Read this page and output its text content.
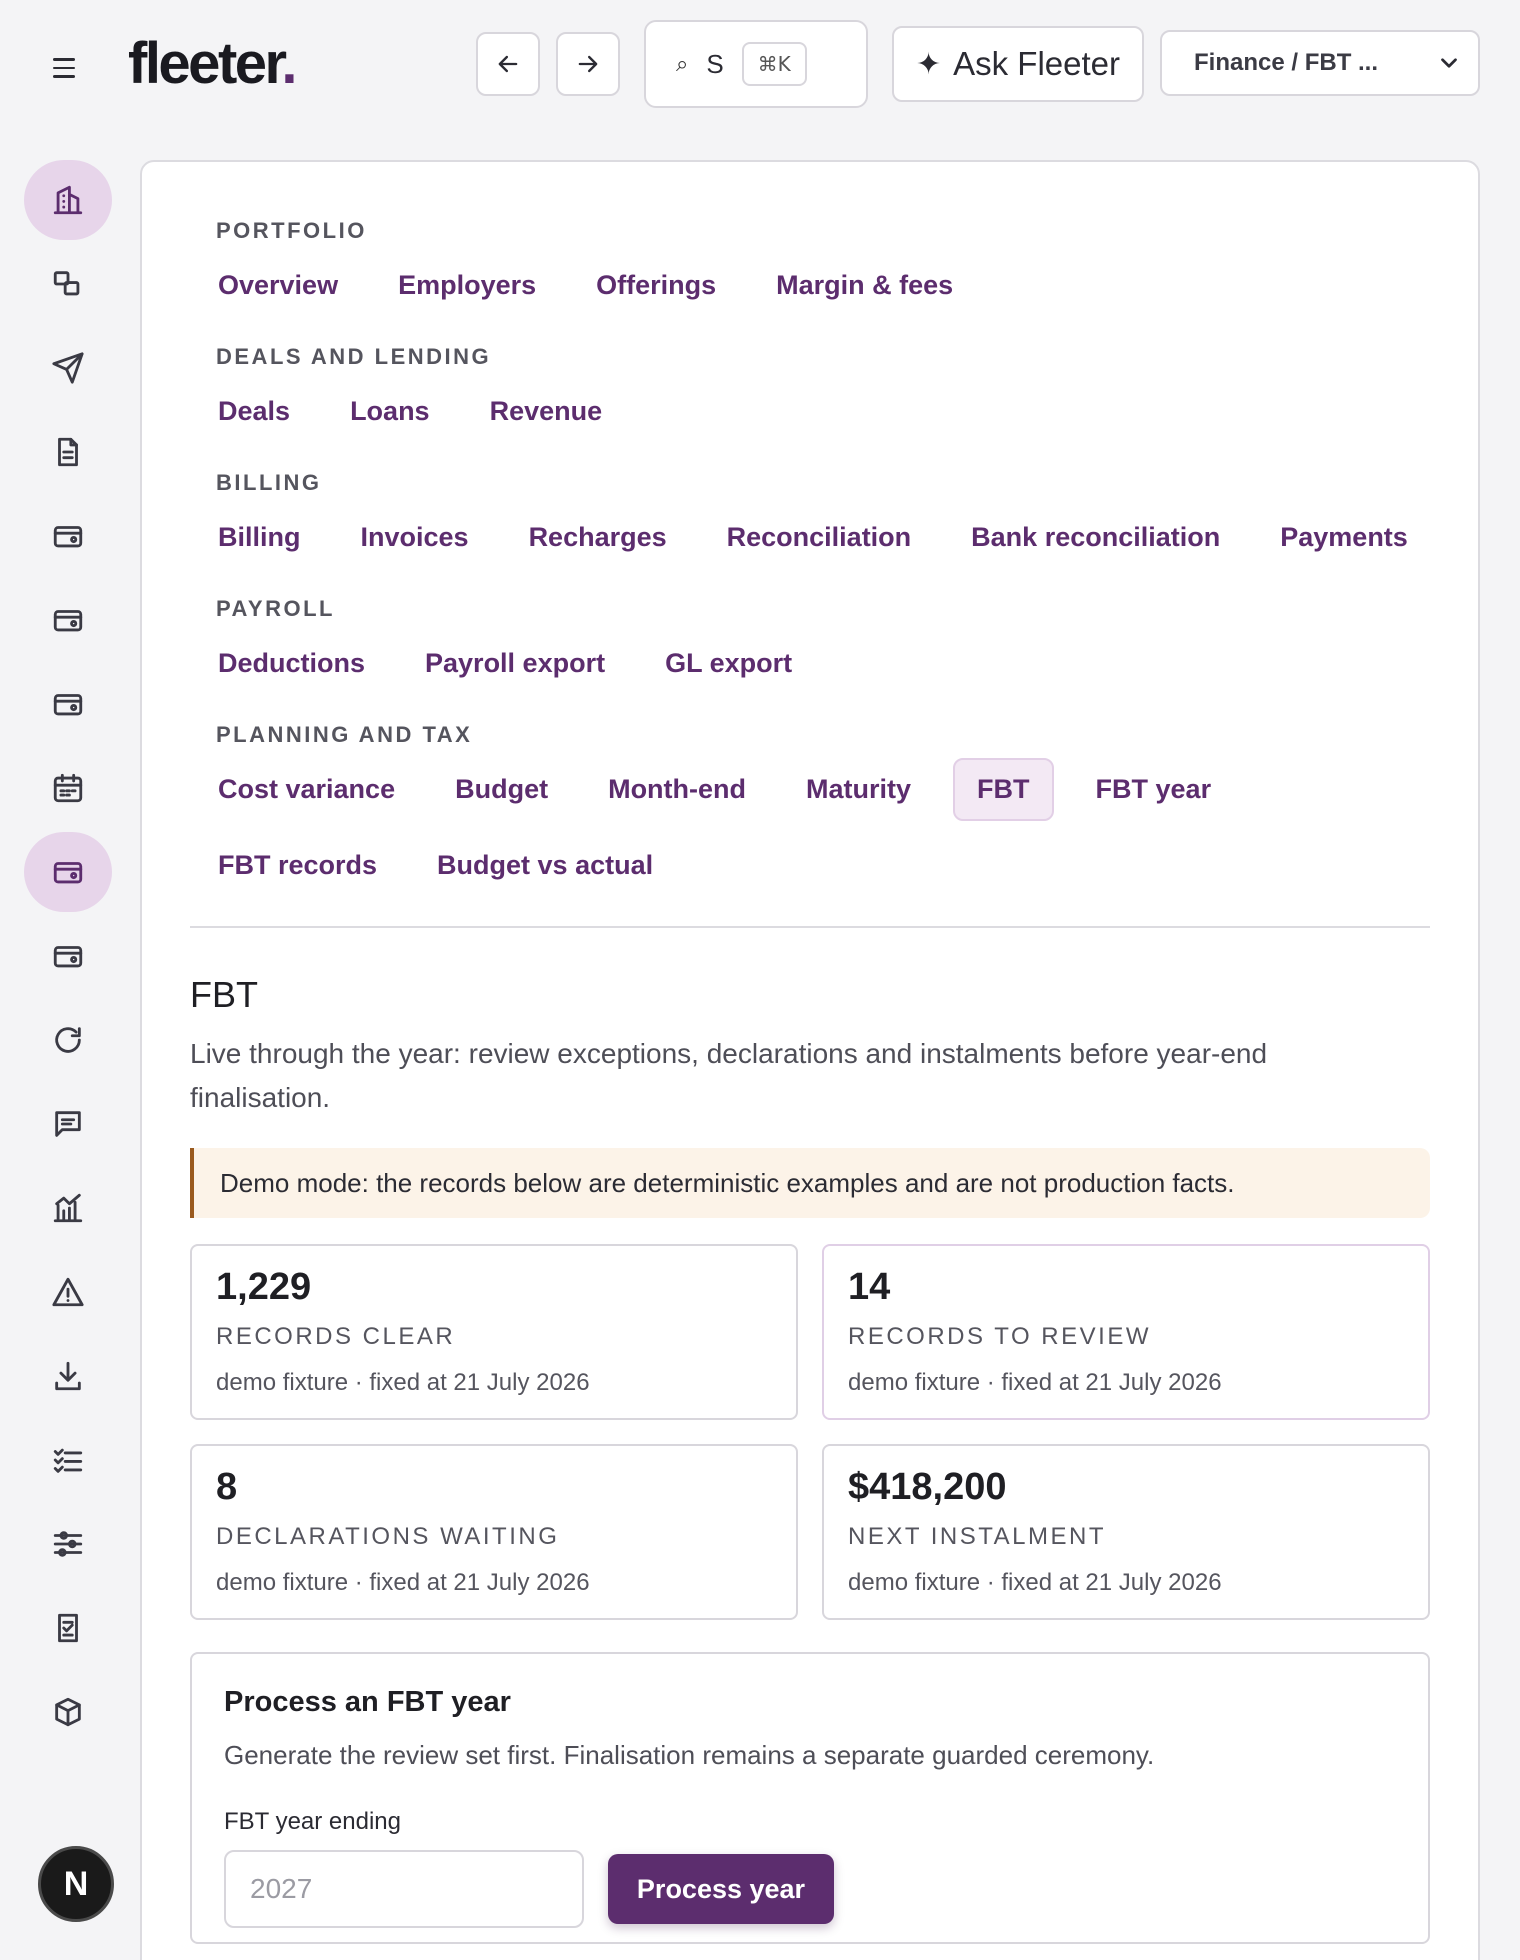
fleeter.	⌕ S	⌘K	✦ Ask Fleeter	Finance / FBT ...
N
PORTFOLIO
Overview	Employers	Offerings	Margin & fees
DEALS AND LENDING
Deals	Loans	Revenue
BILLING
Billing	Invoices	Recharges	Reconciliation	Bank reconciliation	Payments
PAYROLL
Deductions	Payroll export	GL export
PLANNING AND TAX
Cost variance	Budget	Month-end	Maturity	FBT	FBT year
FBT records	Budget vs actual
FBT

Live through the year: review exceptions, declarations and instalments before year-end finalisation.

Demo mode: the records below are deterministic examples and are not production facts.
1,229
RECORDS CLEAR
demo fixture · fixed at 21 July 2026
14
RECORDS TO REVIEW
demo fixture · fixed at 21 July 2026
8
DECLARATIONS WAITING
demo fixture · fixed at 21 July 2026
$418,200
NEXT INSTALMENT
demo fixture · fixed at 21 July 2026
Process an FBT year

Generate the review set first. Finalisation remains a separate guarded ceremony.

FBT year ending
2027
Process year
